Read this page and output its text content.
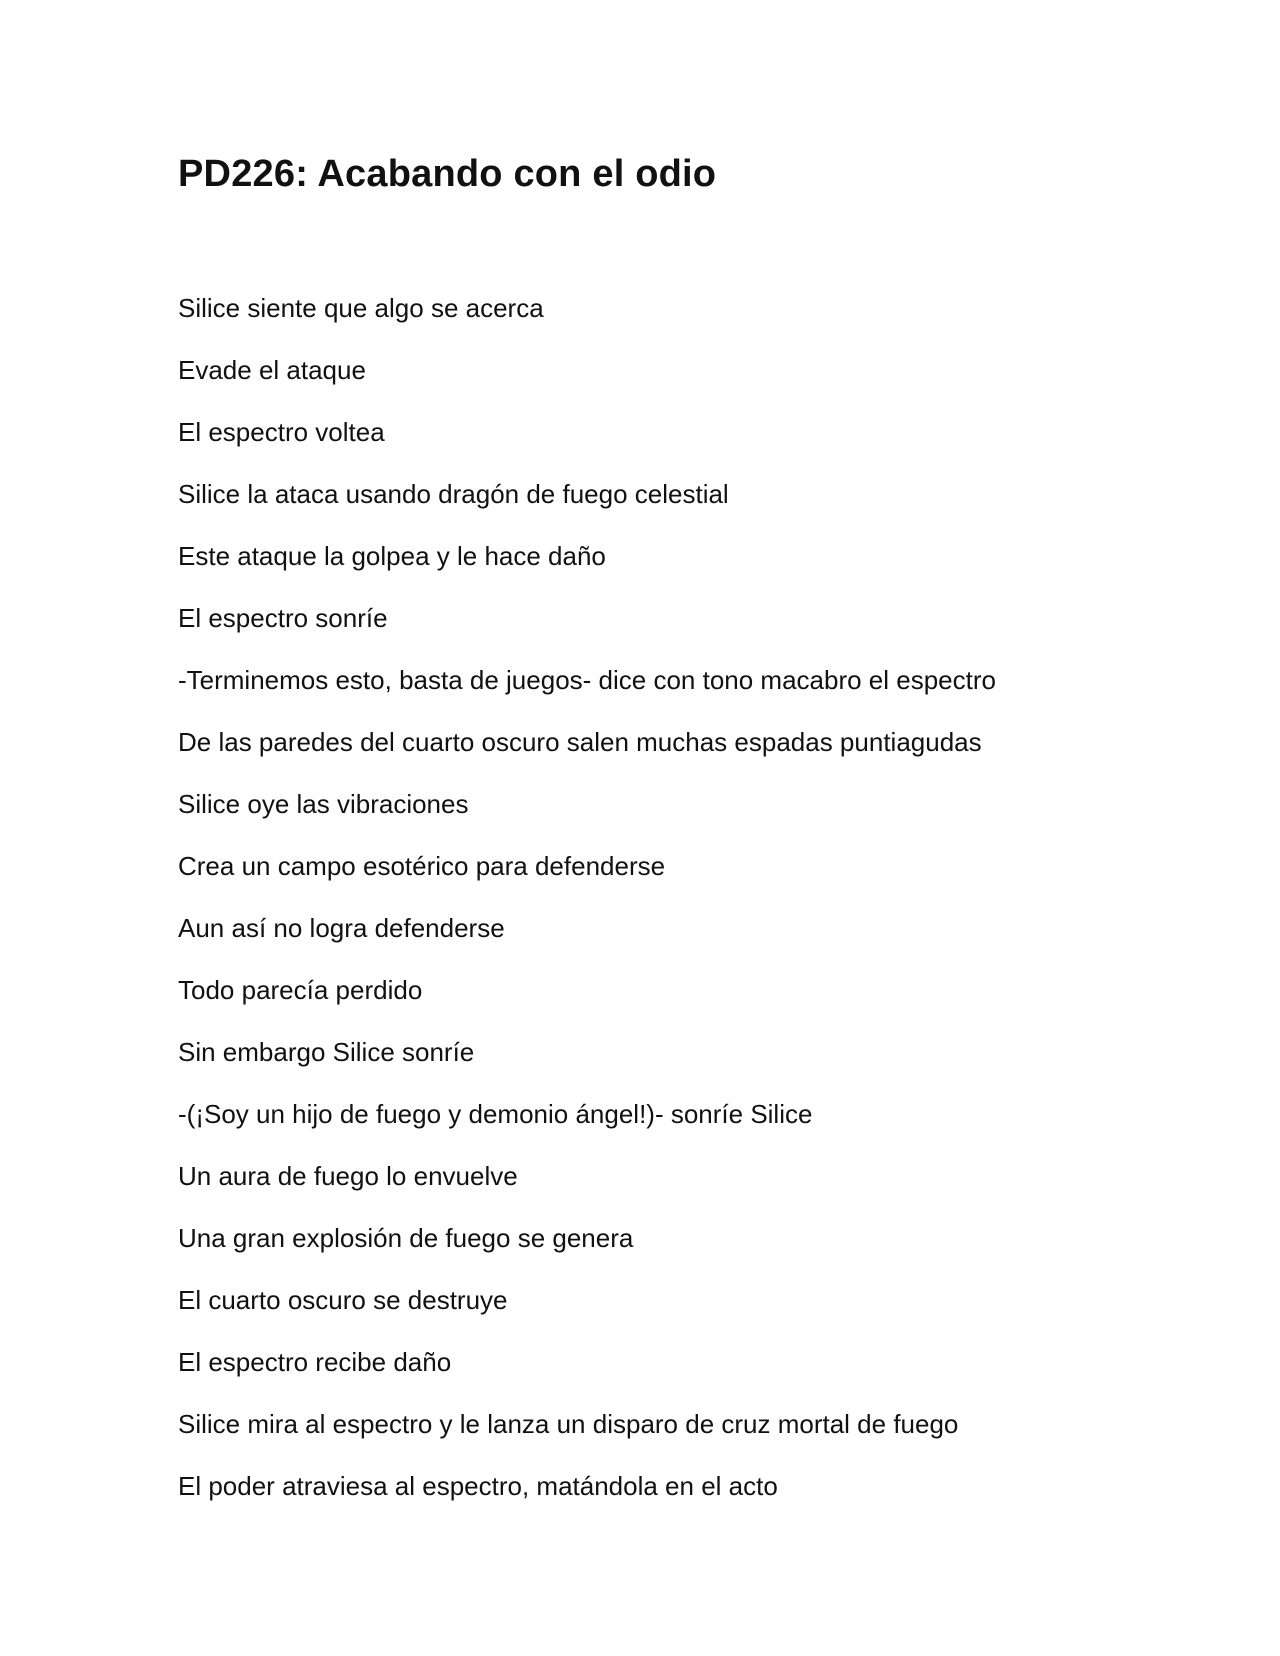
PD226: Acabando con el odio
Silice siente que algo se acerca
Evade el ataque
El espectro voltea
Silice la ataca usando dragón de fuego celestial
Este ataque la golpea y le hace daño
El espectro sonríe
-Terminemos esto, basta de juegos- dice con tono macabro el espectro
De las paredes del cuarto oscuro salen muchas espadas puntiagudas
Silice oye las vibraciones
Crea un campo esotérico para defenderse
Aun así no logra defenderse
Todo parecía perdido
Sin embargo Silice sonríe
-(¡Soy un hijo de fuego y demonio ángel!)- sonríe Silice
Un aura de fuego lo envuelve
Una gran explosión de fuego se genera
El cuarto oscuro se destruye
El espectro recibe daño
Silice mira al espectro y le lanza un disparo de cruz mortal de fuego
El poder atraviesa al espectro, matándola en el acto
